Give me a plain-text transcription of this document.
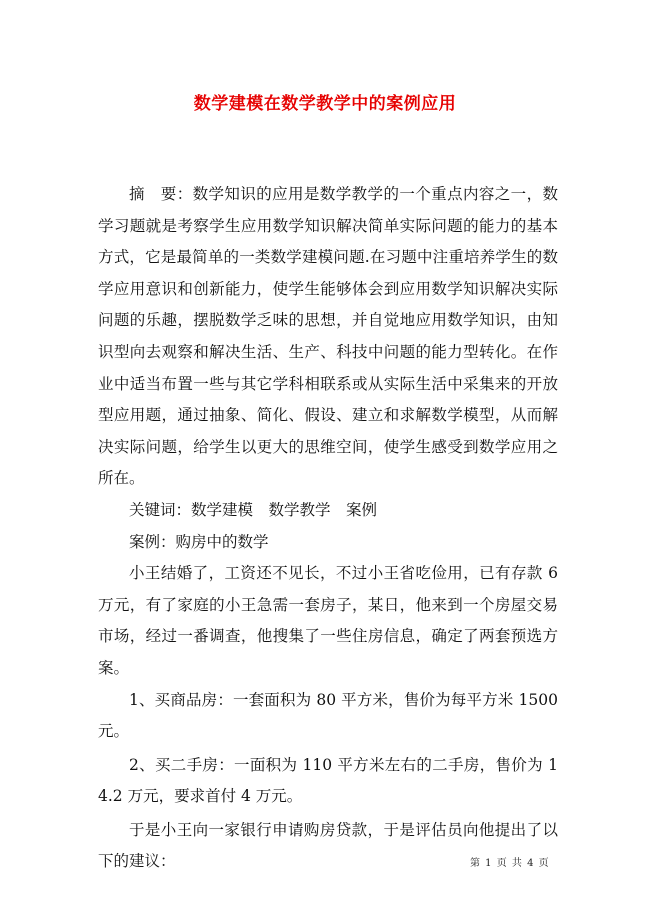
数学建模在数学教学中的案例应用

摘　要：数学知识的应用是数学教学的一个重点内容之一，数学习题就是考察学生应用数学知识解决简单实际问题的能力的基本方式，它是最简单的一类数学建模问题.在习题中注重培养学生的数学应用意识和创新能力，使学生能够体会到应用数学知识解决实际问题的乐趣，摆脱数学乏味的思想，并自觉地应用数学知识，由知识型向去观察和解决生活、生产、科技中问题的能力型转化。在作业中适当布置一些与其它学科相联系或从实际生活中采集来的开放型应用题，通过抽象、简化、假设、建立和求解数学模型，从而解决实际问题，给学生以更大的思维空间，使学生感受到数学应用之所在。

关键词：数学建模　数学教学　案例

案例：购房中的数学

小王结婚了，工资还不见长，不过小王省吃俭用，已有存款 6 万元，有了家庭的小王急需一套房子，某日，他来到一个房屋交易市场，经过一番调查，他搜集了一些住房信息，确定了两套预选方案。

1、买商品房：一套面积为 80 平方米，售价为每平方米 1500 元。

2、买二手房：一面积为 110 平方米左右的二手房，售价为 14.2 万元，要求首付 4 万元。

于是小王向一家银行申请购房贷款，于是评估员向他提出了以下的建议：	第 1 页 共 4 页
